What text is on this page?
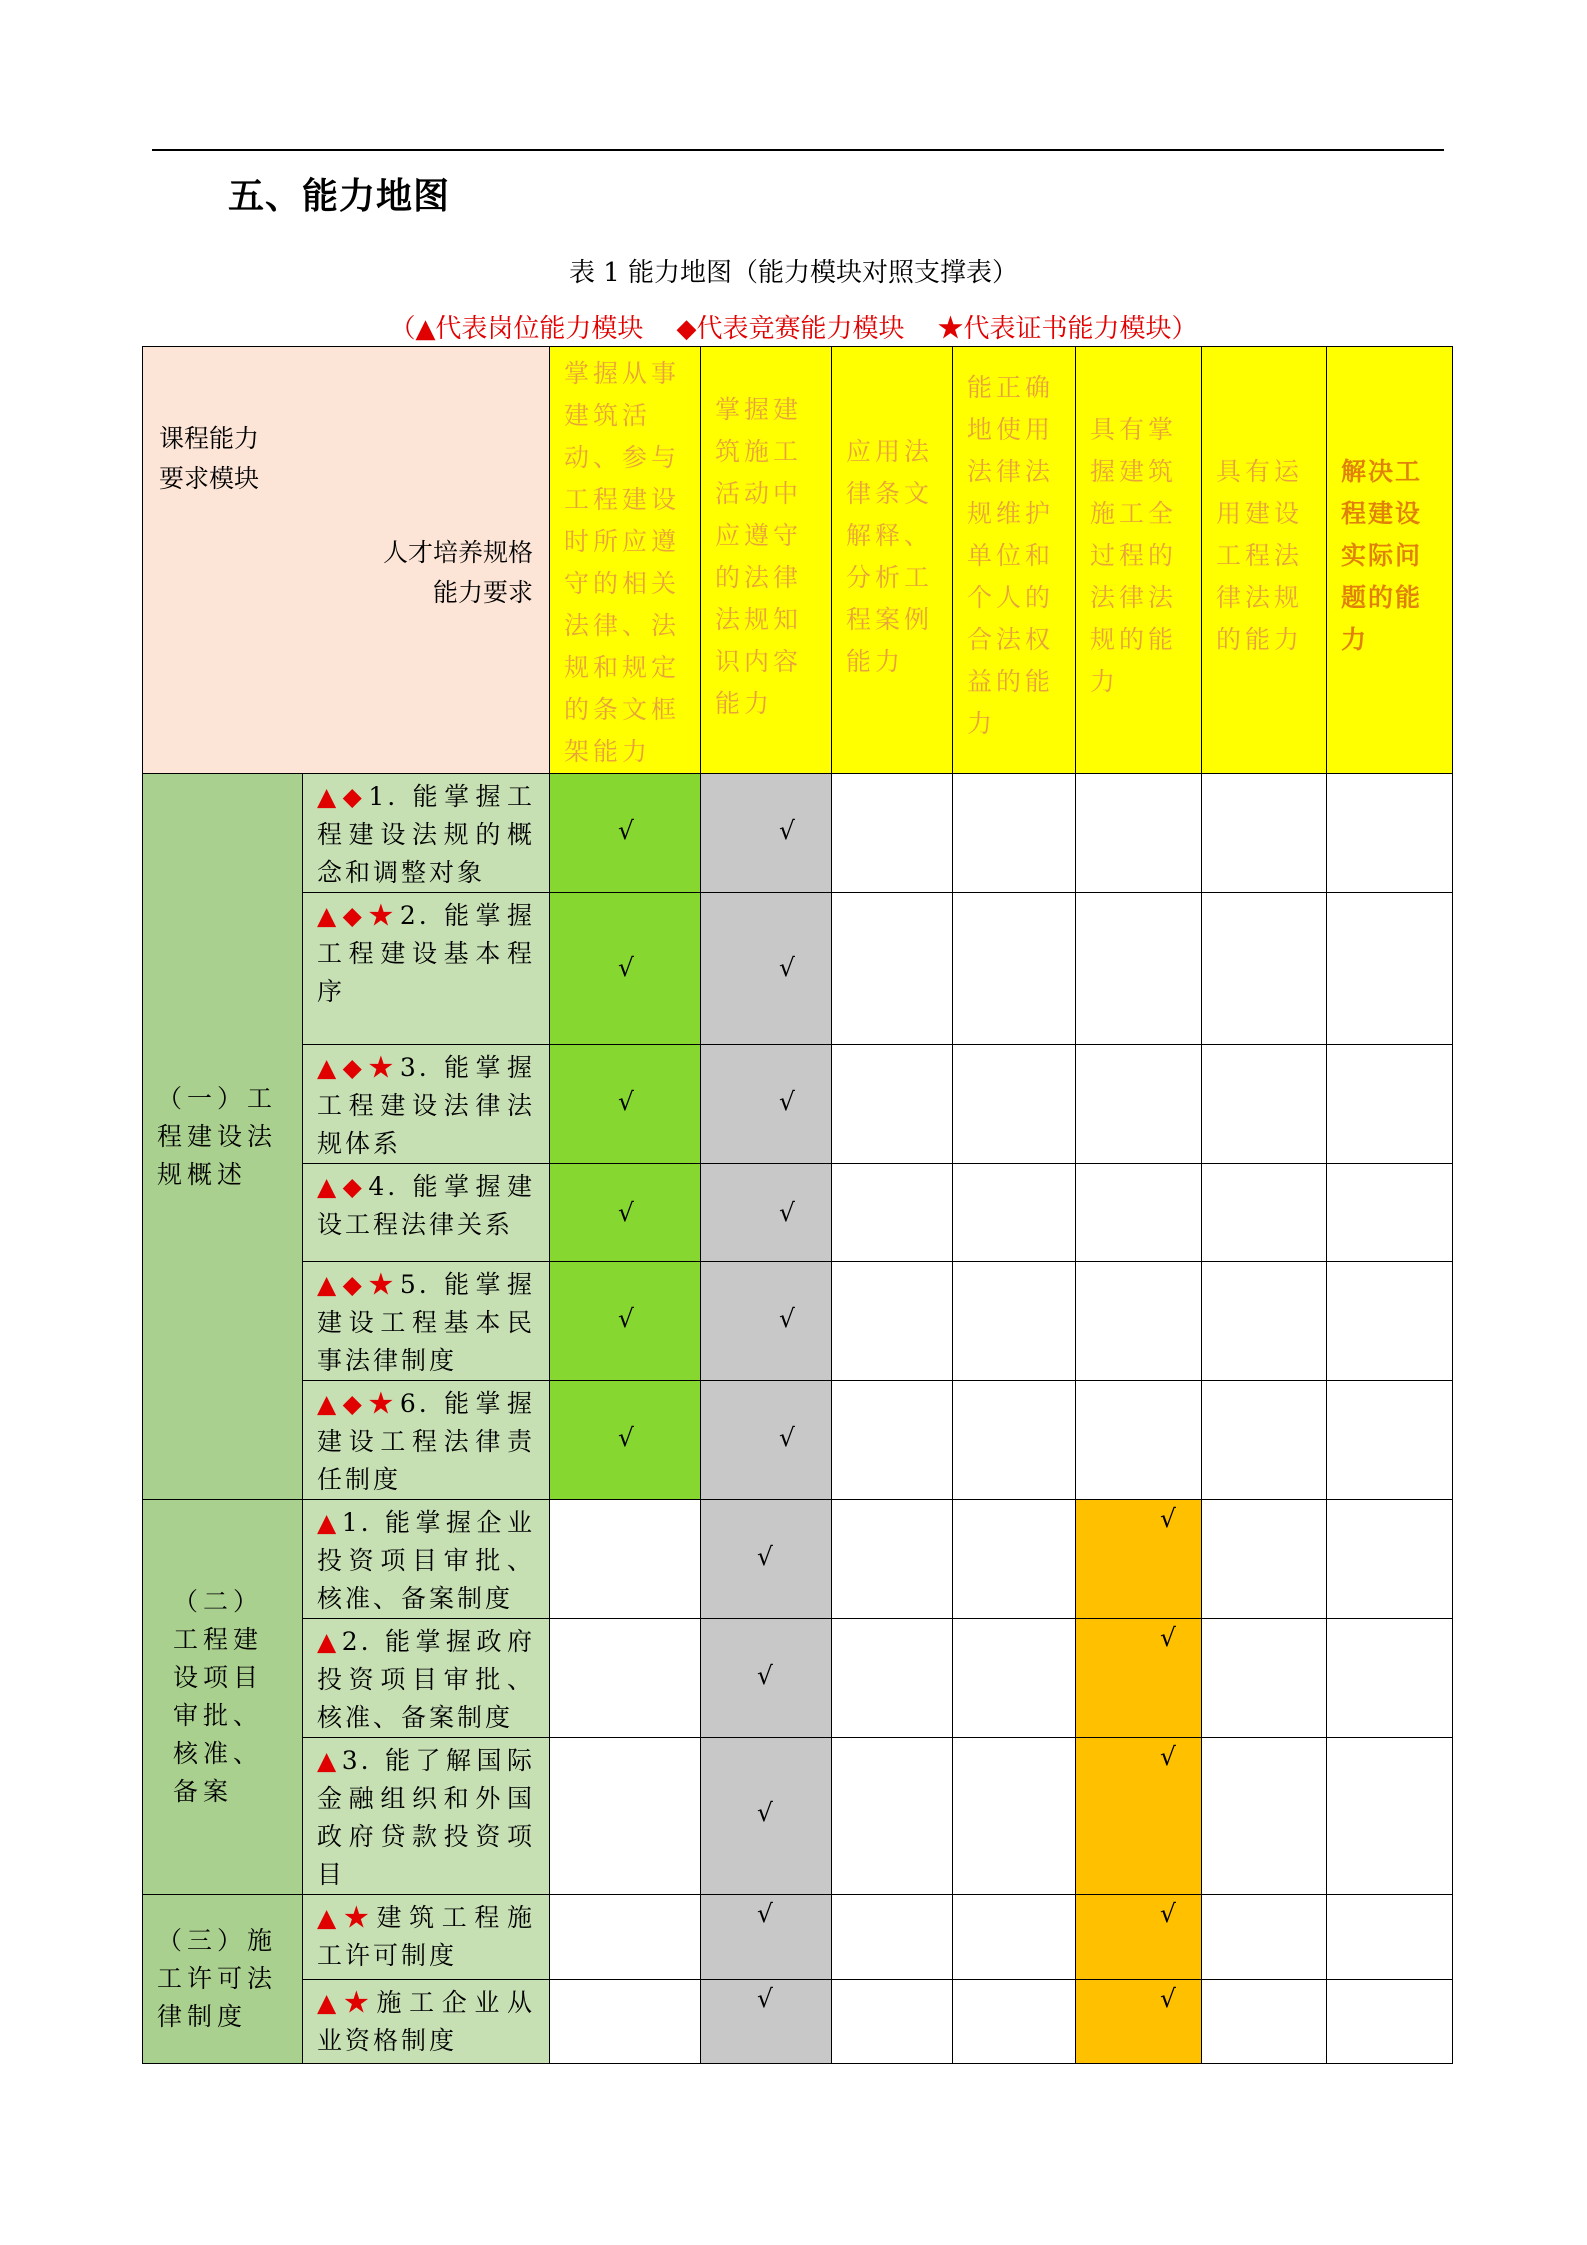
五、能力地图
表 1 能力地图（能力模块对照支撑表）
（▲代表岗位能力模块    ◆代表竞赛能力模块    ★代表证书能力模块）
课程能力
要求模块
人才培养规格
能力要求		掌握从事建筑活动、参与工程建设时所应遵守的相关法律、法规和规定的条文框架能力	掌握建筑施工活动中应遵守的法律法规知识内容能力	应用法律条文解释、分析工程案例能力	能正确地使用法律法规维护单位和个人的合法权益的能力	具有掌握建筑施工全过程的法律法规的能力	具有运用建设工程法律法规的能力	解决工程建设实际问题的能力
（一）工程建设法规概述	▲◆1. 能掌握工程建设法规的概念和调整对象	√	√					

	▲◆★2. 能掌握工程建设基本程序	√	√					

	▲◆★3. 能掌握工程建设法律法规体系	√	√					

	▲◆4. 能掌握建设工程法律关系	√	√					

	▲◆★5. 能掌握建设工程基本民事法律制度	√	√					

	▲◆★6. 能掌握建设工程法律责任制度	√	√					

（二）工程建设项目审批、核准、备案	▲1. 能掌握企业投资项目审批、核准、备案制度		√			√		

	▲2. 能掌握政府投资项目审批、核准、备案制度		√			√		

	▲3. 能了解国际金融组织和外国政府贷款投资项目		√			√		

（三）施工许可法律制度	▲★建筑工程施工许可制度		√			√		

	▲★施工企业从业资格制度		√			√		
